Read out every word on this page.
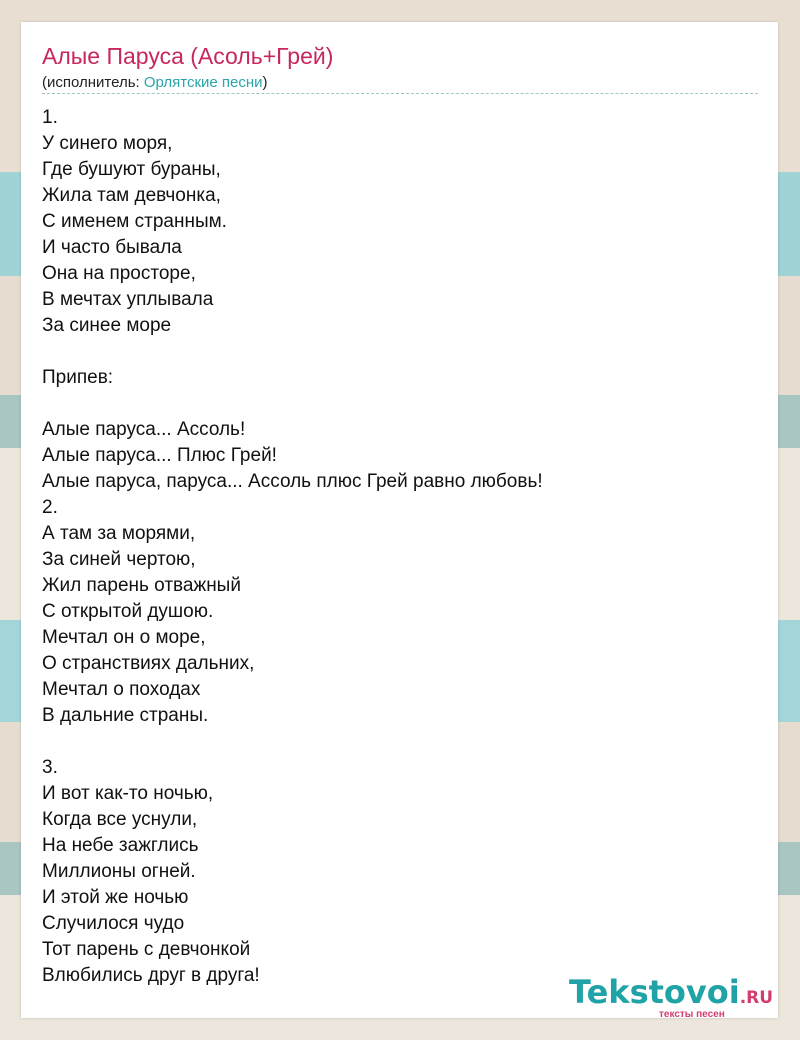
Алые Паруса (Асоль+Грей)
(исполнитель: Орлятские песни)
1.
У синего моря,
Где бушуют бураны,
Жила там девчонка,
С именем странным.
И часто бывала
Она на просторе,
В мечтах уплывала
За синее море
Припев:
Алые паруса... Ассоль!
Алые паруса... Плюс Грей!
Алые паруса, паруса... Ассоль плюс Грей равно любовь!
2.
А там за морями,
За синей чертою,
Жил парень отважный
С открытой душою.
Мечтал он о море,
О странствиях дальних,
Мечтал о походах
В дальние страны.
3.
И вот как-то ночью,
Когда все уснули,
На небе зажглись
Миллионы огней.
И этой же ночью
Случилося чудо
Тот парень с девчонкой
Влюбились друг в друга!	Tekstovoi.RU
тексты песен
